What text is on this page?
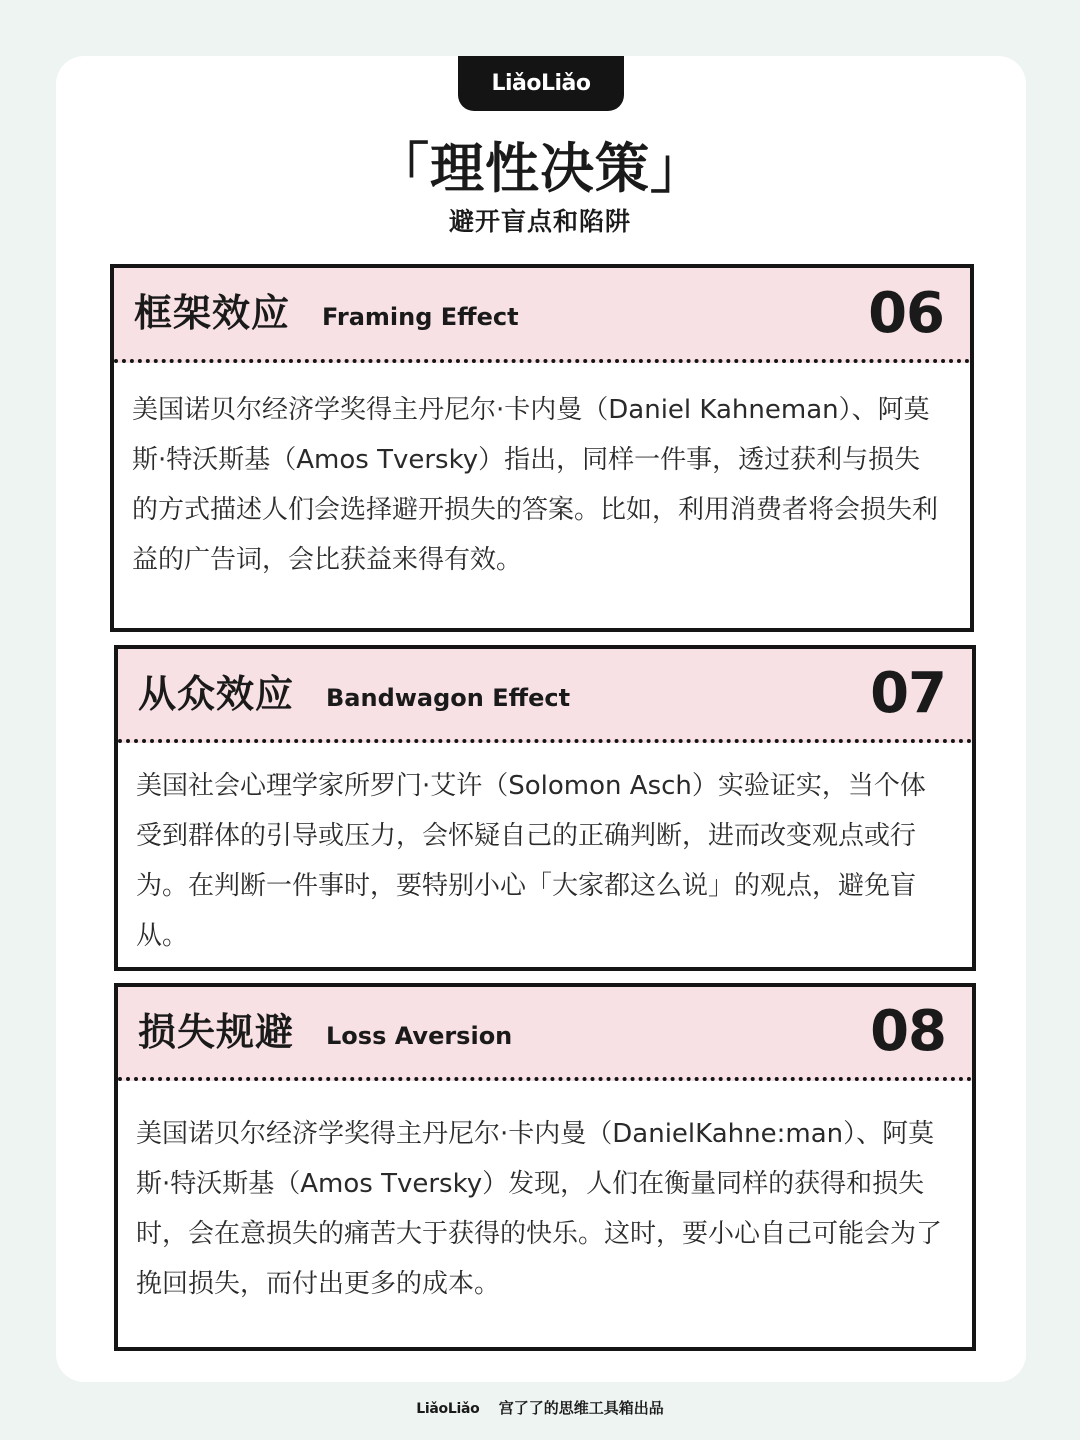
LiǎoLiǎo
「理性决策」
避开盲点和陷阱
框架效应 Framing Effect	06
美国诺贝尔经济学奖得主丹尼尔·卡内曼（Daniel Kahneman）、阿莫斯·特沃斯基（Amos Tversky）指出，同样一件事，透过获利与损失的方式描述人们会选择避开损失的答案。比如，利用消费者将会损失利益的广告词，会比获益来得有效。
从众效应 Bandwagon Effect	07
美国社会心理学家所罗门·艾许（Solomon Asch）实验证实，当个体受到群体的引导或压力，会怀疑自己的正确判断，进而改变观点或行为。在判断一件事时，要特别小心「大家都这么说」的观点，避免盲从。
损失规避 Loss Aversion	08
美国诺贝尔经济学奖得主丹尼尔·卡内曼（DanielKahne:man）、阿莫斯·特沃斯基（Amos Tversky）发现，人们在衡量同样的获得和损失时，会在意损失的痛苦大于获得的快乐。这时，要小心自己可能会为了挽回损失，而付出更多的成本。
LiǎoLiǎo 宫了了的思维工具箱出品
